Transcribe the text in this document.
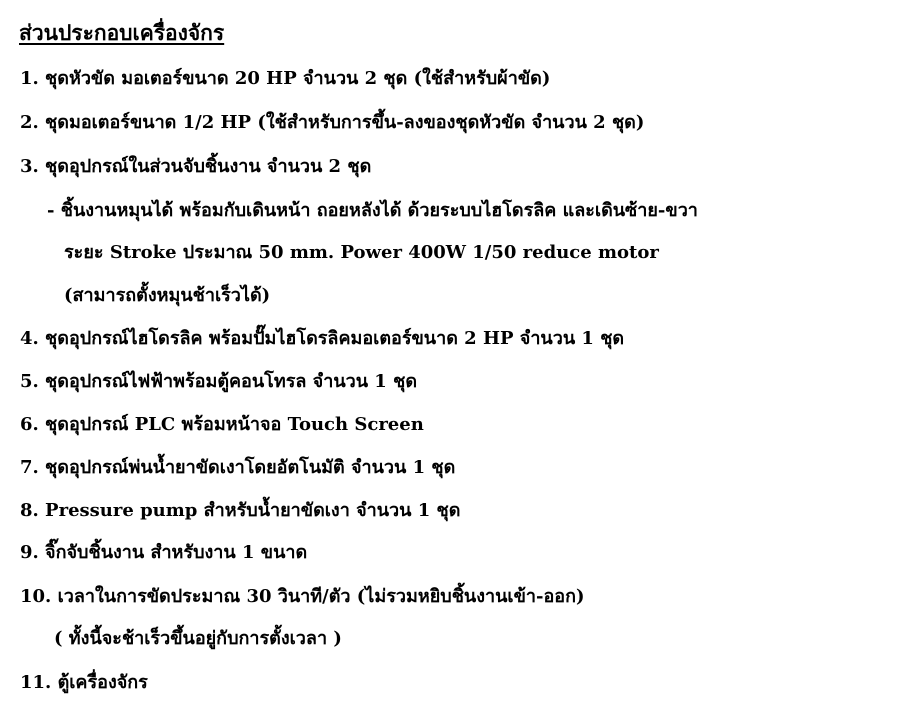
ส่วนประกอบเครื่องจักร
1. ชุดหัวขัด มอเตอร์ขนาด 20 HP จำนวน 2 ชุด (ใช้สำหรับผ้าขัด)
2. ชุดมอเตอร์ขนาด 1/2 HP (ใช้สำหรับการขึ้น-ลงของชุดหัวขัด จำนวน 2 ชุด)
3. ชุดอุปกรณ์ในส่วนจับชิ้นงาน จำนวน 2 ชุด
- ชิ้นงานหมุนได้ พร้อมกับเดินหน้า ถอยหลังได้ ด้วยระบบไฮโดรลิค และเดินซ้าย-ขวา
ระยะ Stroke ประมาณ 50 mm. Power 400W 1/50 reduce motor
(สามารถตั้งหมุนช้าเร็วได้)
4. ชุดอุปกรณ์ไฮโดรลิค พร้อมปั๊มไฮโดรลิคมอเตอร์ขนาด 2 HP จำนวน 1 ชุด
5. ชุดอุปกรณ์ไฟฟ้าพร้อมตู้คอนโทรล จำนวน 1 ชุด
6. ชุดอุปกรณ์ PLC พร้อมหน้าจอ Touch Screen
7. ชุดอุปกรณ์พ่นน้ำยาขัดเงาโดยอัตโนมัติ จำนวน 1 ชุด
8. Pressure pump สำหรับน้ำยาขัดเงา จำนวน 1 ชุด
9. จิ๊กจับชิ้นงาน สำหรับงาน 1 ขนาด
10. เวลาในการขัดประมาณ 30 วินาที/ตัว (ไม่รวมหยิบชิ้นงานเข้า-ออก)
( ทั้งนี้จะช้าเร็วขึ้นอยู่กับการตั้งเวลา )
11. ตู้เครื่องจักร
